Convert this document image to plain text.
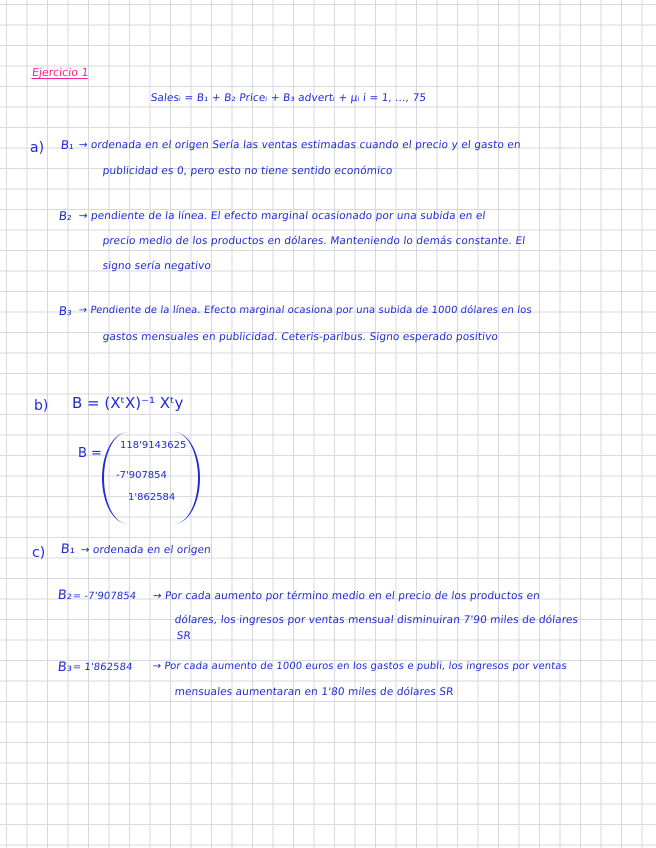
Ejercicio 1
Salesᵢ = B₁ + B₂ Priceᵢ + B₃ advertᵢ + μᵢ i = 1, ..., 75
a) B₁ → ordenada en el origen Sería las ventas estimadas cuando el precio y el gasto en
publicidad es 0, pero esto no tiene sentido económico
B₂ → pendiente de la línea. El efecto marginal ocasionado por una subida en el
precio medio de los productos en dólares. Manteniendo lo demás constante. El
signo sería negativo
B₃ → Pendiente de la línea. Efecto marginal ocasiona por una subida de 1000 dólares en los
gastos mensuales en publicidad. Ceteris-paribus. Signo esperado positivo
b) B = (XᵗX)⁻¹ Xᵗy
B =
118'9143625
-7'907854
1'862584
c) B₁ → ordenada en el origen
B₂ = -7'907854 → Por cada aumento por término medio en el precio de los productos en
dólares, los ingresos por ventas mensual disminuiran 7'90 miles de dólares
SR
B₃ = 1'862584 → Por cada aumento de 1000 euros en los gastos e publi, los ingresos por ventas
mensuales aumentaran en 1'80 miles de dólares SR
